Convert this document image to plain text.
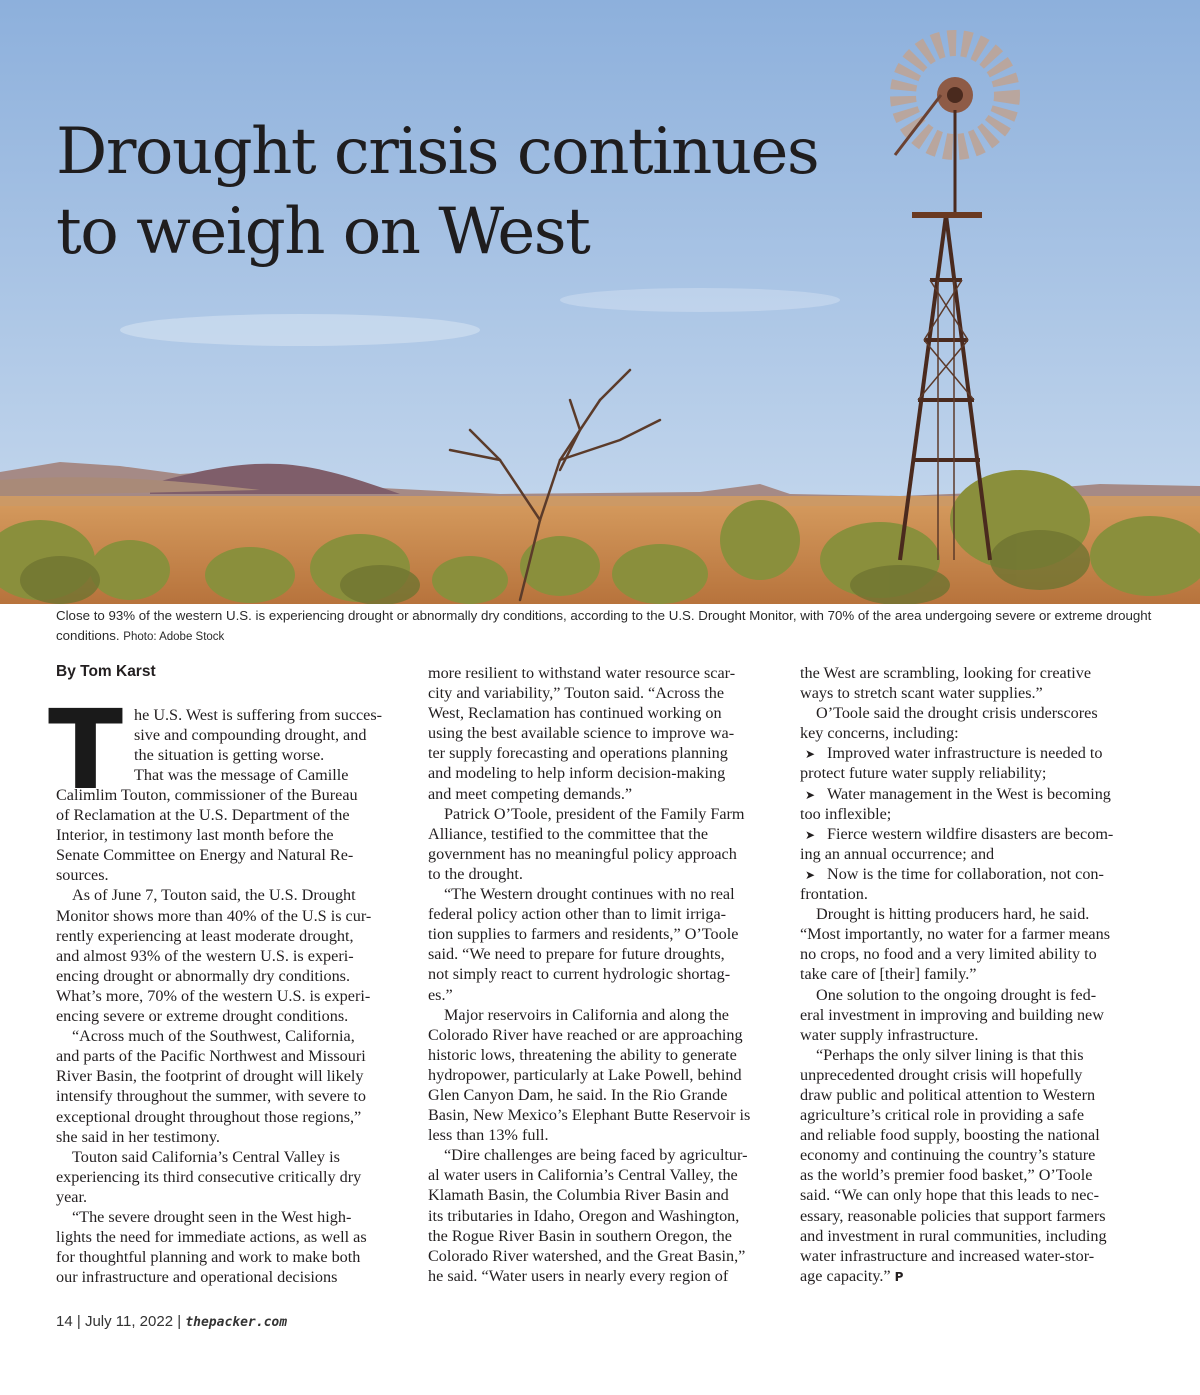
Drought crisis continues
to weigh on West
Close to 93% of the western U.S. is experiencing drought or abnormally dry conditions, according to the U.S. Drought Monitor, with 70% of the area undergoing severe or extreme drought conditions. Photo: Adobe Stock
By Tom Karst
T he U.S. West is suffering from succes-
sive and compounding drought, and
the situation is getting worse.
That was the message of Camille
Calimlim Touton, commissioner of the Bureau
of Reclamation at the U.S. Department of the
Interior, in testimony last month before the
Senate Committee on Energy and Natural Re-
sources.
As of June 7, Touton said, the U.S. Drought
Monitor shows more than 40% of the U.S is cur-
rently experiencing at least moderate drought,
and almost 93% of the western U.S. is experi-
encing drought or abnormally dry conditions.
What’s more, 70% of the western U.S. is experi-
encing severe or extreme drought conditions.
“Across much of the Southwest, California,
and parts of the Pacific Northwest and Missouri
River Basin, the footprint of drought will likely
intensify throughout the summer, with severe to
exceptional drought throughout those regions,”
she said in her testimony.
Touton said California’s Central Valley is
experiencing its third consecutive critically dry
year.
“The severe drought seen in the West high-
lights the need for immediate actions, as well as
for thoughtful planning and work to make both
our infrastructure and operational decisions
more resilient to withstand water resource scar-
city and variability,” Touton said. “Across the
West, Reclamation has continued working on
using the best available science to improve wa-
ter supply forecasting and operations planning
and modeling to help inform decision-making
and meet competing demands.”
Patrick O’Toole, president of the Family Farm
Alliance, testified to the committee that the
government has no meaningful policy approach
to the drought.
“The Western drought continues with no real
federal policy action other than to limit irriga-
tion supplies to farmers and residents,” O’Toole
said. “We need to prepare for future droughts,
not simply react to current hydrologic shortag-
es.”
Major reservoirs in California and along the
Colorado River have reached or are approaching
historic lows, threatening the ability to generate
hydropower, particularly at Lake Powell, behind
Glen Canyon Dam, he said. In the Rio Grande
Basin, New Mexico’s Elephant Butte Reservoir is
less than 13% full.
“Dire challenges are being faced by agricultur-
al water users in California’s Central Valley, the
Klamath Basin, the Columbia River Basin and
its tributaries in Idaho, Oregon and Washington,
the Rogue River Basin in southern Oregon, the
Colorado River watershed, and the Great Basin,”
he said. “Water users in nearly every region of
the West are scrambling, looking for creative
ways to stretch scant water supplies.”
O’Toole said the drought crisis underscores
key concerns, including:
➤ Improved water infrastructure is needed to
protect future water supply reliability;
➤ Water management in the West is becoming
too inflexible;
➤ Fierce western wildfire disasters are becom-
ing an annual occurrence; and
➤ Now is the time for collaboration, not con-
frontation.
Drought is hitting producers hard, he said.
“Most importantly, no water for a farmer means
no crops, no food and a very limited ability to
take care of [their] family.”
One solution to the ongoing drought is fed-
eral investment in improving and building new
water supply infrastructure.
“Perhaps the only silver lining is that this
unprecedented drought crisis will hopefully
draw public and political attention to Western
agriculture’s critical role in providing a safe
and reliable food supply, boosting the national
economy and continuing the country’s stature
as the world’s premier food basket,” O’Toole
said. “We can only hope that this leads to nec-
essary, reasonable policies that support farmers
and investment in rural communities, including
water infrastructure and increased water-stor-
age capacity.” P
14 | July 11, 2022 | thepacker.com
